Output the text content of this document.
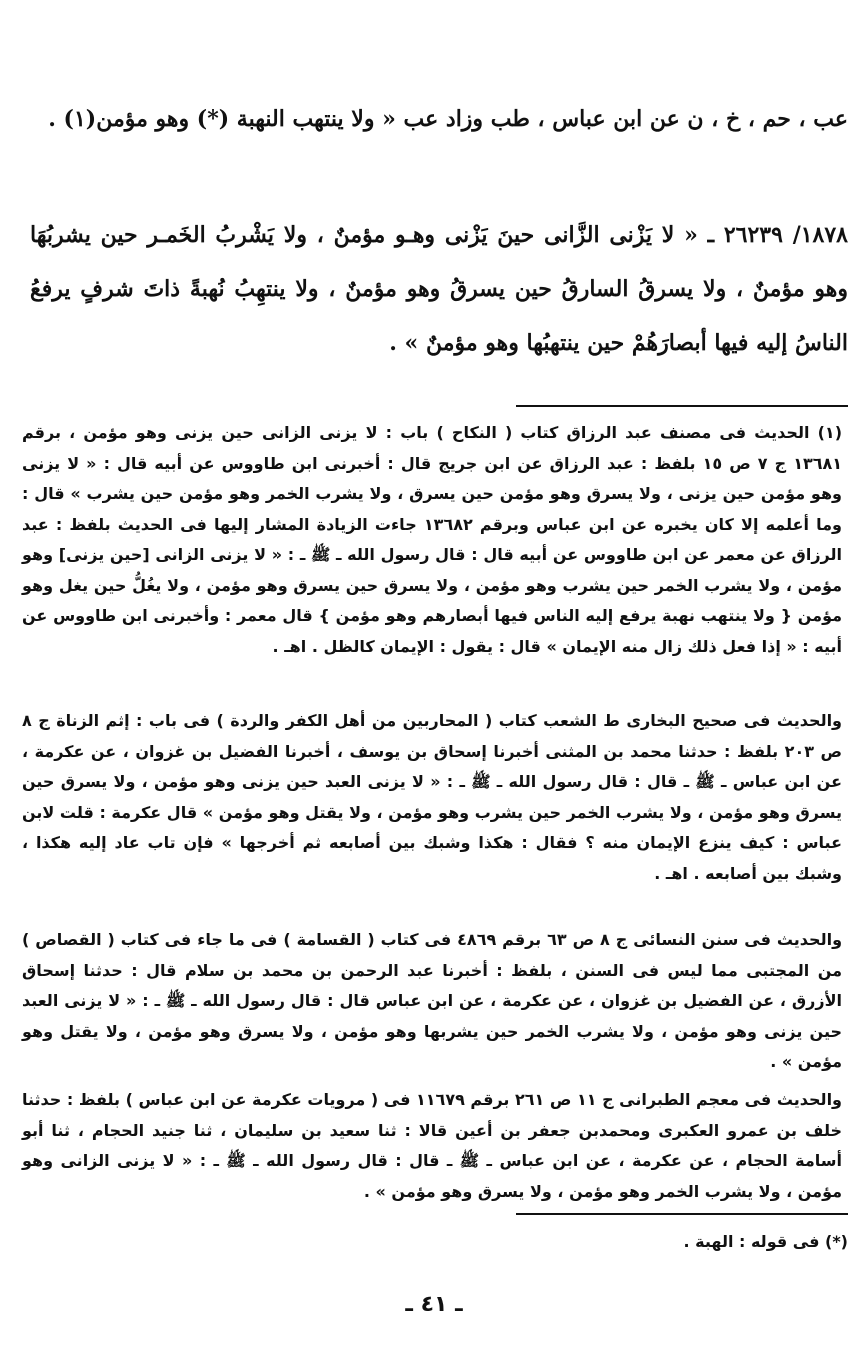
عب ، حم ، خ ، ن عن ابن عباس ، طب وزاد عب « ولا ينتهب النهبة (*) وهو مؤمن(١) .
١٨٧٨/ ٢٦٢٣٩ ـ « لا يَزْنى الزَّانى حينَ يَزْنى وهـو مؤمنٌ ، ولا يَشْربُ الخَمـر حين يشربُهَا وهو مؤمنٌ ، ولا يسرقُ السارقُ حين يسرقُ وهو مؤمنٌ ، ولا ينتهِبُ نُهبةً ذاتَ شرفٍ يرفعُ الناسُ إليه فيها أبصارَهُمْ حين ينتهبُها وهو مؤمنٌ » .
(١) الحديث فى مصنف عبد الرزاق كتاب ( النكاح ) باب : لا يزنى الزانى حين يزنى وهو مؤمن ، برقم ١٣٦٨١ ج ٧ ص ١٥ بلفظ : عبد الرزاق عن ابن جريج قال : أخبرنى ابن طاووس عن أبيه قال : « لا يزنى وهو مؤمن حين يزنى ، ولا يسرق وهو مؤمن حين يسرق ، ولا يشرب الخمر وهو مؤمن حين يشرب » قال : وما أعلمه إلا كان يخبره عن ابن عباس وبرقم ١٣٦٨٢ جاءت الزيادة المشار إليها فى الحديث بلفظ : عبد الرزاق عن معمر عن ابن طاووس عن أبيه قال : قال رسول الله ـ ﷺ ـ : « لا يزنى الزانى [حين يزنى] وهو مؤمن ، ولا يشرب الخمر حين يشرب وهو مؤمن ، ولا يسرق حين يسرق وهو مؤمن ، ولا يغُلُّ حين يغل وهو مؤمن { ولا ينتهب نهبة يرفع إليه الناس فيها أبصارهم وهو مؤمن } قال معمر : وأخبرنى ابن طاووس عن أبيه : « إذا فعل ذلك زال منه الإيمان » قال : يقول : الإيمان كالظل . اهـ .
والحديث فى صحيح البخارى ط الشعب كتاب ( المحاربين من أهل الكفر والردة ) فى باب : إثم الزناة ج ٨ ص ٢٠٣ بلفظ : حدثنا محمد بن المثنى أخبرنا إسحاق بن يوسف ، أخبرنا الفضيل بن غزوان ، عن عكرمة ، عن ابن عباس ـ ﷺ ـ قال : قال رسول الله ـ ﷺ ـ : « لا يزنى العبد حين يزنى وهو مؤمن ، ولا يسرق حين يسرق وهو مؤمن ، ولا يشرب الخمر حين يشرب وهو مؤمن ، ولا يقتل وهو مؤمن » قال عكرمة : قلت لابن عباس : كيف ينزع الإيمان منه ؟ فقال : هكذا وشبك بين أصابعه ثم أخرجها » فإن تاب عاد إليه هكذا ، وشبك بين أصابعه . اهـ .
والحديث فى سنن النسائى ج ٨ ص ٦٣ برقم ٤٨٦٩ فى كتاب ( القسامة ) فى ما جاء فى كتاب ( القصاص ) من المجتبى مما ليس فى السنن ، بلفظ : أخبرنا عبد الرحمن بن محمد بن سلام قال : حدثنا إسحاق الأزرق ، عن الفضيل بن غزوان ، عن عكرمة ، عن ابن عباس قال : قال رسول الله ـ ﷺ ـ : « لا يزنى العبد حين يزنى وهو مؤمن ، ولا يشرب الخمر حين يشربها وهو مؤمن ، ولا يسرق وهو مؤمن ، ولا يقتل وهو مؤمن » .
والحديث فى معجم الطبرانى ج ١١ ص ٢٦١ برقم ١١٦٧٩ فى ( مرويات عكرمة عن ابن عباس ) بلفظ : حدثنا خلف بن عمرو العكبرى ومحمدبن جعفر بن أعين قالا : ثنا سعيد بن سليمان ، ثنا جنيد الحجام ، ثنا أبو أسامة الحجام ، عن عكرمة ، عن ابن عباس ـ ﷺ ـ قال : قال رسول الله ـ ﷺ ـ : « لا يزنى الزانى وهو مؤمن ، ولا يشرب الخمر وهو مؤمن ، ولا يسرق وهو مؤمن » .
(*) فى قوله : الهبة .
ـ ٤١ ـ
